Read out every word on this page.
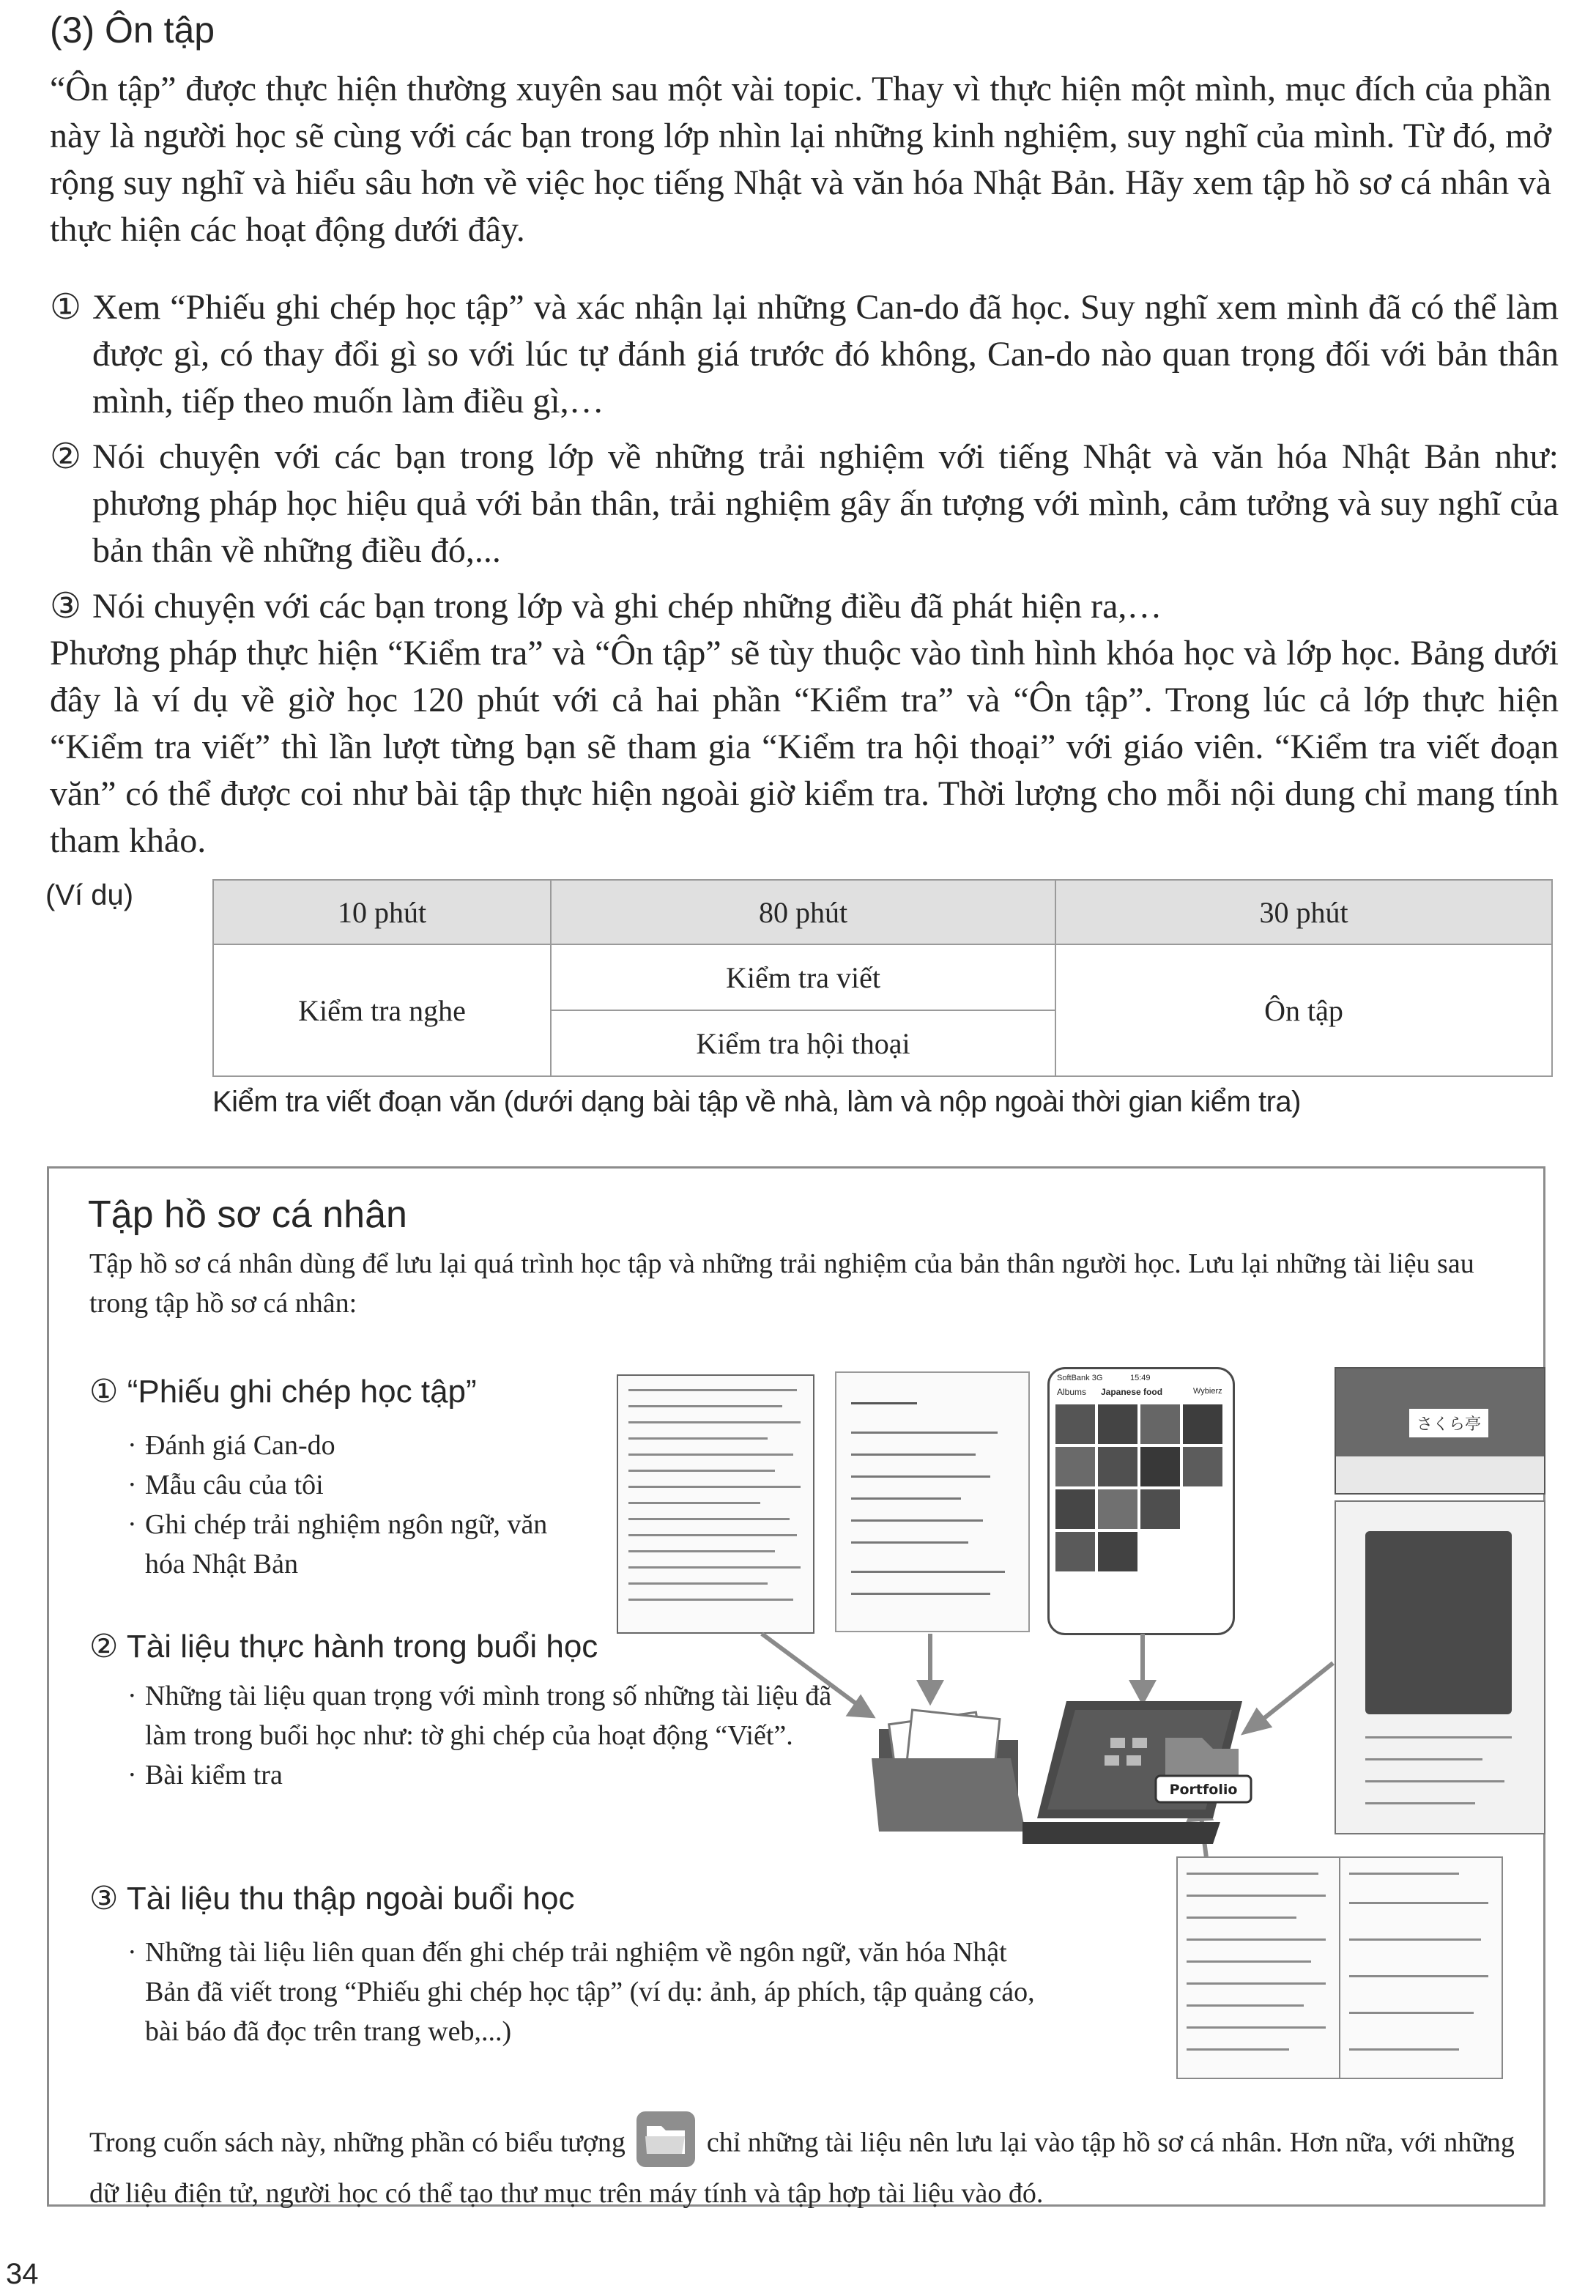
(3) Ôn tập
“Ôn tập” được thực hiện thường xuyên sau một vài topic. Thay vì thực hiện một mình, mục đích của phần này là người học sẽ cùng với các bạn trong lớp nhìn lại những kinh nghiệm, suy nghĩ của mình. Từ đó, mở rộng suy nghĩ và hiểu sâu hơn về việc học tiếng Nhật và văn hóa Nhật Bản. Hãy xem tập hồ sơ cá nhân và thực hiện các hoạt động dưới đây.
① Xem “Phiếu ghi chép học tập” và xác nhận lại những Can-do đã học. Suy nghĩ xem mình đã có thể làm được gì, có thay đổi gì so với lúc tự đánh giá trước đó không, Can-do nào quan trọng đối với bản thân mình, tiếp theo muốn làm điều gì,…
② Nói chuyện với các bạn trong lớp về những trải nghiệm với tiếng Nhật và văn hóa Nhật Bản như: phương pháp học hiệu quả với bản thân, trải nghiệm gây ấn tượng với mình, cảm tưởng và suy nghĩ của bản thân về những điều đó,...
③ Nói chuyện với các bạn trong lớp và ghi chép những điều đã phát hiện ra,…
Phương pháp thực hiện “Kiểm tra” và “Ôn tập” sẽ tùy thuộc vào tình hình khóa học và lớp học. Bảng dưới đây là ví dụ về giờ học 120 phút với cả hai phần “Kiểm tra” và “Ôn tập”. Trong lúc cả lớp thực hiện “Kiểm tra viết” thì lần lượt từng bạn sẽ tham gia “Kiểm tra hội thoại” với giáo viên. “Kiểm tra viết đoạn văn” có thể được coi như bài tập thực hiện ngoài giờ kiểm tra. Thời lượng cho mỗi nội dung chỉ mang tính tham khảo.
(Ví dụ)
10 phút	80 phút	30 phút
Kiểm tra nghe	Kiểm tra viết	Ôn tập
	Kiểm tra hội thoại	
Kiểm tra viết đoạn văn (dưới dạng bài tập về nhà, làm và nộp ngoài thời gian kiểm tra)
Tập hồ sơ cá nhân
Tập hồ sơ cá nhân dùng để lưu lại quá trình học tập và những trải nghiệm của bản thân người học. Lưu lại những tài liệu sau trong tập hồ sơ cá nhân:
① “Phiếu ghi chép học tập”
· Đánh giá Can-do
· Mẫu câu của tôi
· Ghi chép trải nghiệm ngôn ngữ, văn hóa Nhật Bản
② Tài liệu thực hành trong buổi học
· Những tài liệu quan trọng với mình trong số những tài liệu đã làm trong buổi học như: tờ ghi chép của hoạt động “Viết”.
· Bài kiểm tra
③ Tài liệu thu thập ngoài buổi học
· Những tài liệu liên quan đến ghi chép trải nghiệm về ngôn ngữ, văn hóa Nhật Bản đã viết trong “Phiếu ghi chép học tập” (ví dụ: ảnh, áp phích, tập quảng cáo, bài báo đã đọc trên trang web,...)
SoftBank 3G	15:49
Albums Japanese food	Wybierz
さくら亭
Portfolio
Trong cuốn sách này, những phần có biểu tượng	chỉ những tài liệu nên lưu lại vào tập hồ sơ cá nhân. Hơn nữa, với những dữ liệu điện tử, người học có thể tạo thư mục trên máy tính và tập hợp tài liệu vào đó.
34
